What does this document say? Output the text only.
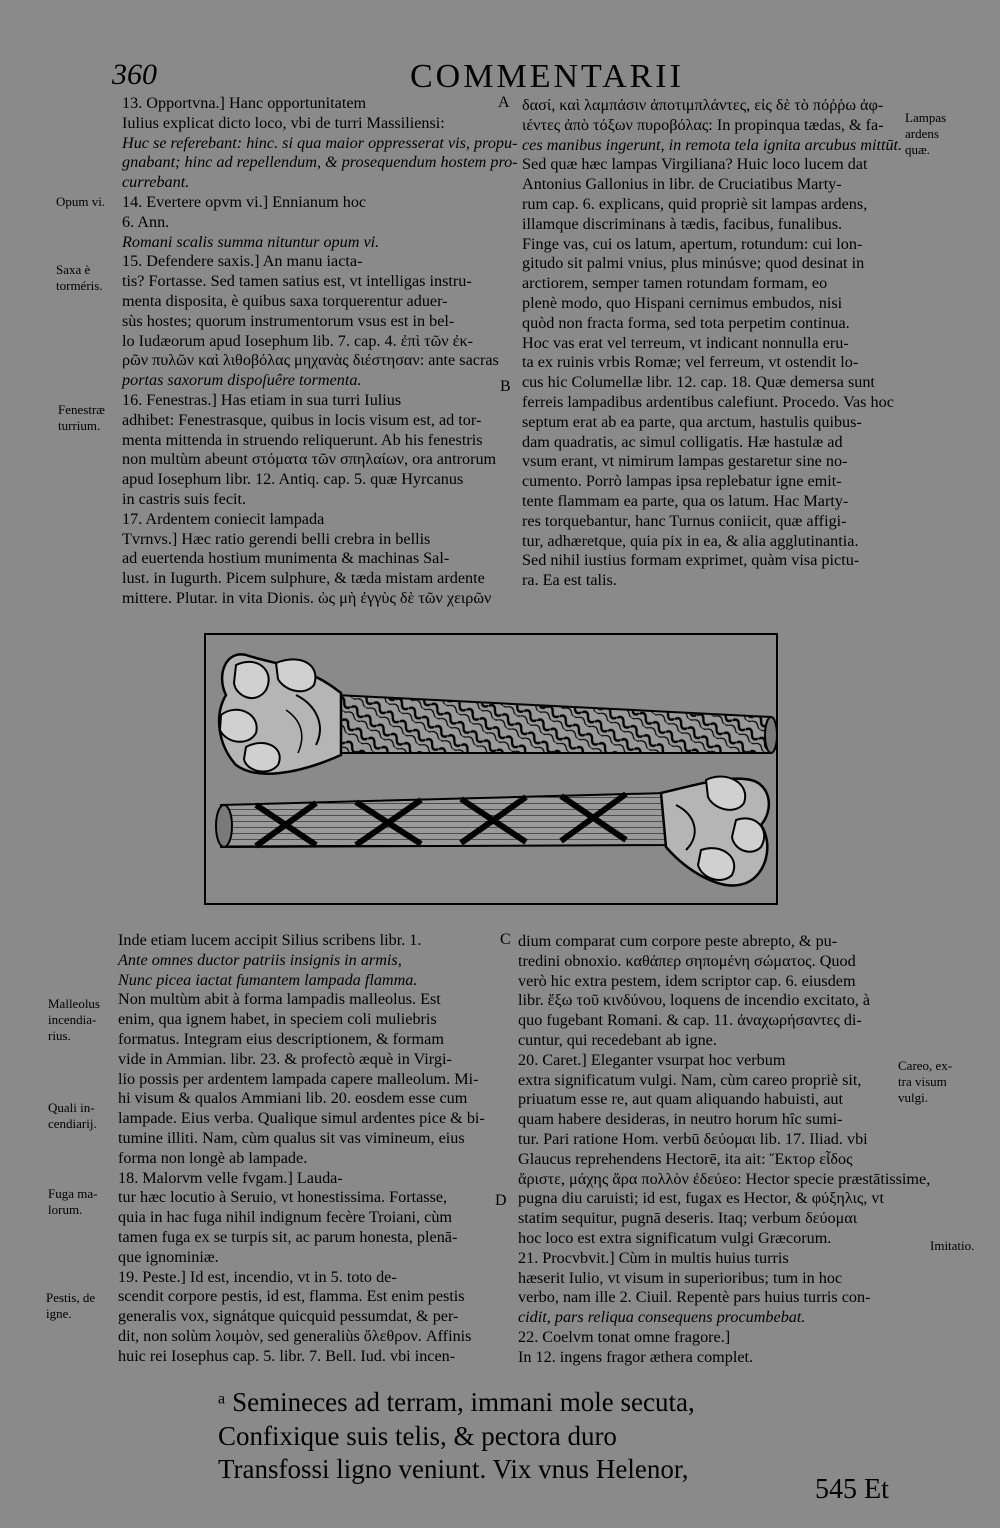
360	COMMENTARII
13. Opportvna.] Hanc opportunitatem
Iulius explicat dicto loco, vbi de turri Massiliensi:
Huc se referebant: hinc. si qua maior oppresserat vis, propu-
gnabant; hinc ad repellendum, & prosequendum hostem pro-
currebant.
14. Evertere opvm vi.] Ennianum hoc
6. Ann.
Romani scalis summa nituntur opum vi.
15. Defendere saxis.] An manu iacta-
tis? Fortasse. Sed tamen satius est, vt intelligas instru-
menta disposita, è quibus saxa torquerentur aduer-
sùs hostes; quorum instrumentorum vsus est in bel-
lo Iudæorum apud Iosephum lib. 7. cap. 4. ἐπὶ τῶν ἐκ-
ρῶν πυλῶν καὶ λιθοβόλας μηχανὰς διέστησαν: ante sacras
portas saxorum dispoſuêre tormenta.
16. Fenestras.] Has etiam in sua turri Iulius
adhibet: Fenestrasque, quibus in locis visum est, ad tor-
menta mittenda in struendo reliquerunt. Ab his fenestris
non multùm abeunt στόματα τῶν σπηλαίων, ora antrorum
apud Iosephum libr. 12. Antiq. cap. 5. quæ Hyrcanus
in castris suis fecit.
17. Ardentem coniecit lampada
Tvrnvs.] Hæc ratio gerendi belli crebra in bellis
ad euertenda hostium munimenta & machinas Sal-
lust. in Iugurth. Picem sulphure, & tæda mistam ardente
mittere. Plutar. in vita Dionis. ὡς μὴ ἐγγὺς δὲ τῶν χειρῶν
δασί, καὶ λαμπάσιν ἀποτιμπλάντες, εἰς δὲ τὸ πόῤῥω ἀφ-
ιέντες ἀπὸ τόξων πυροβόλας: In propinqua tædas, & fa-
ces manibus ingerunt, in remota tela ignita arcubus mittūt.
Sed quæ hæc lampas Virgiliana? Huic loco lucem dat
Antonius Gallonius in libr. de Cruciatibus Marty-
rum cap. 6. explicans, quid propriè sit lampas ardens,
illamque discriminans à tædis, facibus, funalibus.
Finge vas, cui os latum, apertum, rotundum: cui lon-
gitudo sit palmi vnius, plus minúsve; quod desinat in
arctiorem, semper tamen rotundam formam, eo
plenè modo, quo Hispani cernimus embudos, nisi
quòd non fracta forma, sed tota perpetim continua.
Hoc vas erat vel terreum, vt indicant nonnulla eru-
ta ex ruinis vrbis Romæ; vel ferreum, vt ostendit lo-
cus hic Columellæ libr. 12. cap. 18. Quæ demersa sunt
ferreis lampadibus ardentibus calefiunt. Procedo. Vas hoc
septum erat ab ea parte, qua arctum, hastulis quibus-
dam quadratis, ac simul colligatis. Hæ hastulæ ad
vsum erant, vt nimirum lampas gestaretur sine no-
cumento. Porrò lampas ipsa replebatur igne emit-
tente flammam ea parte, qua os latum. Hac Marty-
res torquebantur, hanc Turnus coniicit, quæ affigi-
tur, adhæretque, quia pix in ea, & alia agglutinantia.
Sed nihil iustius formam exprimet, quàm visa pictu-
ra. Ea est talis.
Inde etiam lucem accipit Silius scribens libr. 1.
Ante omnes ductor patriis insignis in armis,
Nunc picea iactat fumantem lampada flamma.
Non multùm abit à forma lampadis malleolus. Est
enim, qua ignem habet, in speciem coli muliebris
formatus. Integram eius descriptionem, & formam
vide in Ammian. libr. 23. & profectò æquè in Virgi-
lio possis per ardentem lampada capere malleolum. Mi-
hi visum & qualos Ammiani lib. 20. eosdem esse cum
lampade. Eius verba. Qualique simul ardentes pice & bi-
tumine illiti. Nam, cùm qualus sit vas vimineum, eius
forma non longè ab lampade.
18. Malorvm velle fvgam.] Lauda-
tur hæc locutio à Seruio, vt honestissima. Fortasse,
quia in hac fuga nihil indignum fecère Troiani, cùm
tamen fuga ex se turpis sit, ac parum honesta, plenā-
que ignominiæ.
19. Peste.] Id est, incendio, vt in 5. toto de-
scendit corpore pestis, id est, flamma. Est enim pestis
generalis vox, signátque quicquid pessumdat, & per-
dit, non solùm λοιμὸν, sed generaliùs ὄλεθρον. Affinis
huic rei Iosephus cap. 5. libr. 7. Bell. Iud. vbi incen-
dium comparat cum corpore peste abrepto, & pu-
tredini obnoxio. καθάπερ σηπομένη σώματος. Quod
verò hic extra pestem, idem scriptor cap. 6. eiusdem
libr. ἔξω τοῦ κινδύνου, loquens de incendio excitato, à
quo fugebant Romani. & cap. 11. ἀναχωρήσαντες di-
cuntur, qui recedebant ab igne.
20. Caret.] Eleganter vsurpat hoc verbum
extra significatum vulgi. Nam, cùm careo propriè sit,
priuatum esse re, aut quam aliquando habuisti, aut
quam habere desideras, in neutro horum hîc sumi-
tur. Pari ratione Hom. verbū δεύομαι lib. 17. Iliad. vbi
Glaucus reprehendens Hectorē, ita ait: Ἕκτορ εἶδος
ἄριστε, μάχης ἄρα πολλὸν ἐδεύεο: Hector specie præstātissime,
pugna diu caruisti; id est, fugax es Hector, & φύξηλις, vt
statim sequitur, pugnā deseris. Itaq; verbum δεύομαι
hoc loco est extra significatum vulgi Græcorum.
21. Procvbvit.] Cùm in multis huius turris
hæserit Iulio, vt visum in superioribus; tum in hoc
verbo, nam ille 2. Ciuil. Repentè pars huius turris con-
cidit, pars reliqua consequens procumbebat.
22. Coelvm tonat omne fragore.]
In 12. ingens fragor æthera complet.
A
B
C
D
Opum vi.
Saxa è
torméris.
Fenestræ
turrium.
Malleolus
incendia-
rius.
Quali in-
cendiarij.
Fuga ma-
lorum.
Pestis, de
igne.
Lampas
ardens
quæ.
Careo, ex-
tra visum
vulgi.
Imitatio.
ᵃ Semineces ad terram, immani mole secuta,
Confixique suis telis, & pectora duro
Transfossi ligno veniunt. Vix vnus Helenor,
545 Et
